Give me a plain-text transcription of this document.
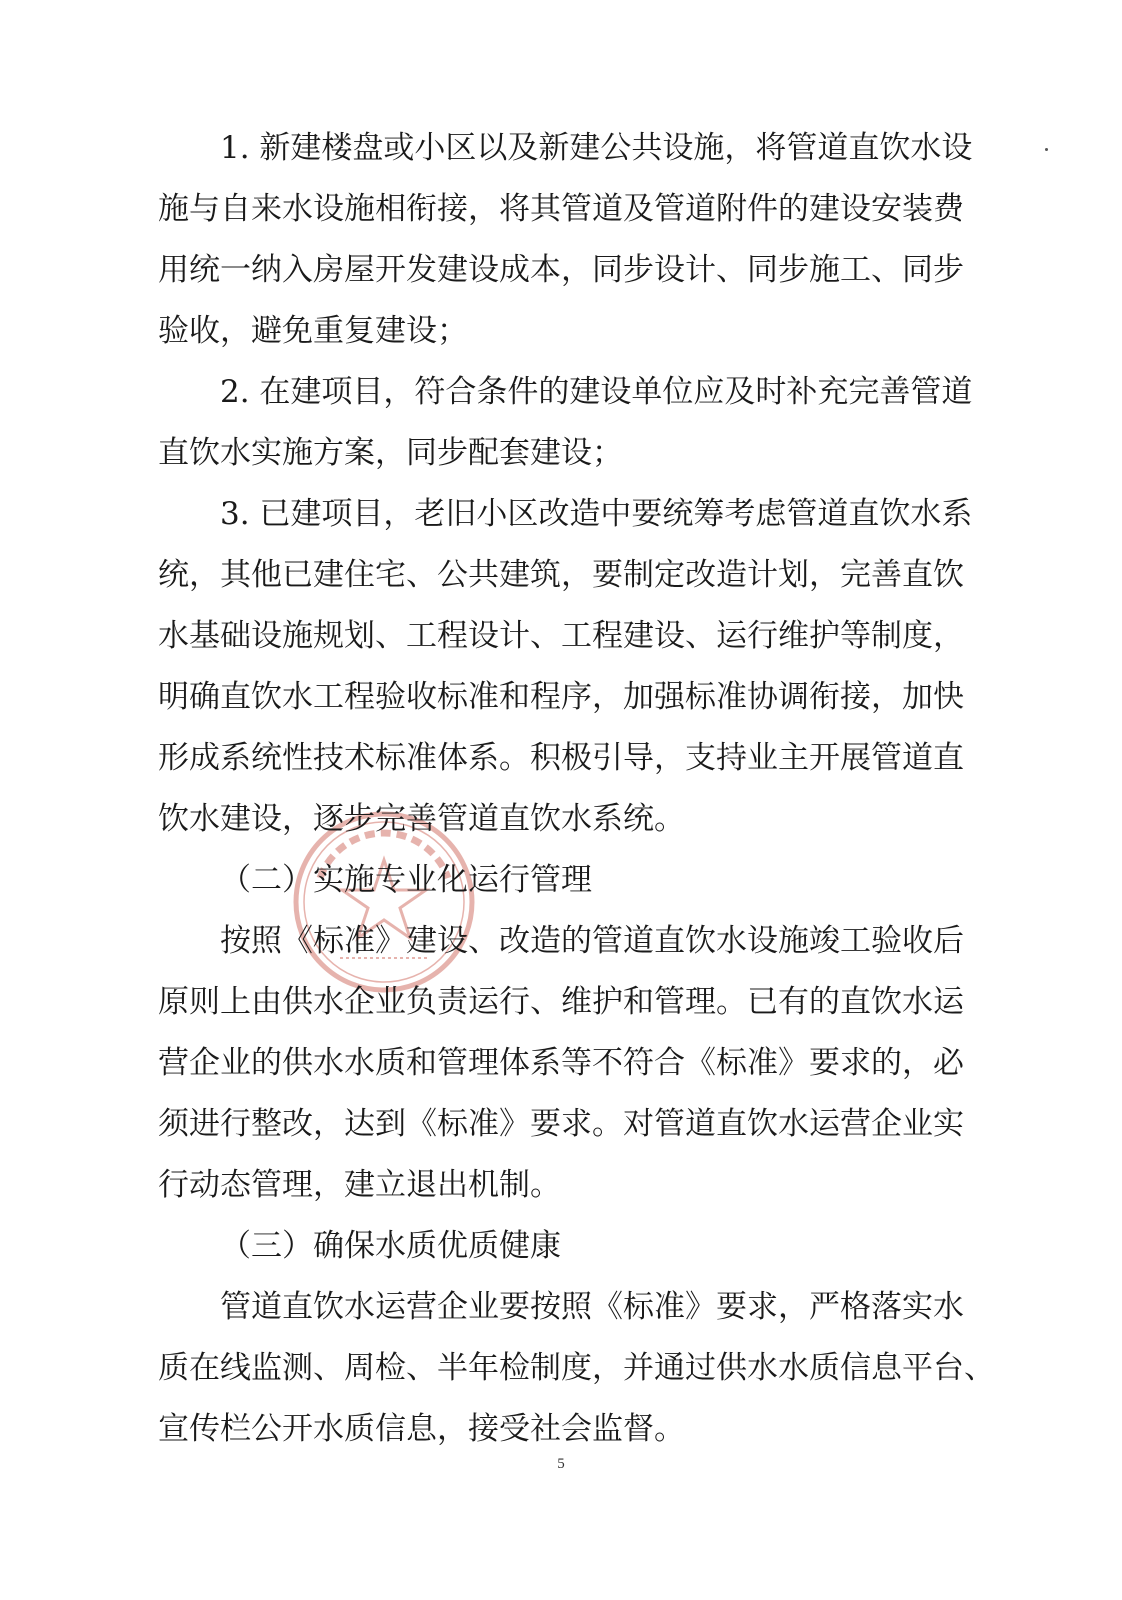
1. 新建楼盘或小区以及新建公共设施，将管道直饮水设
施与自来水设施相衔接，将其管道及管道附件的建设安装费
用统一纳入房屋开发建设成本，同步设计、同步施工、同步
验收，避免重复建设；
2. 在建项目，符合条件的建设单位应及时补充完善管道
直饮水实施方案，同步配套建设；
3. 已建项目，老旧小区改造中要统筹考虑管道直饮水系
统，其他已建住宅、公共建筑，要制定改造计划，完善直饮
水基础设施规划、工程设计、工程建设、运行维护等制度，
明确直饮水工程验收标准和程序，加强标准协调衔接，加快
形成系统性技术标准体系。积极引导，支持业主开展管道直
饮水建设，逐步完善管道直饮水系统。
（二）实施专业化运行管理
按照《标准》建设、改造的管道直饮水设施竣工验收后
原则上由供水企业负责运行、维护和管理。已有的直饮水运
营企业的供水水质和管理体系等不符合《标准》要求的，必
须进行整改，达到《标准》要求。对管道直饮水运营企业实
行动态管理，建立退出机制。
（三）确保水质优质健康
管道直饮水运营企业要按照《标准》要求，严格落实水
质在线监测、周检、半年检制度，并通过供水水质信息平台、
宣传栏公开水质信息，接受社会监督。
5
